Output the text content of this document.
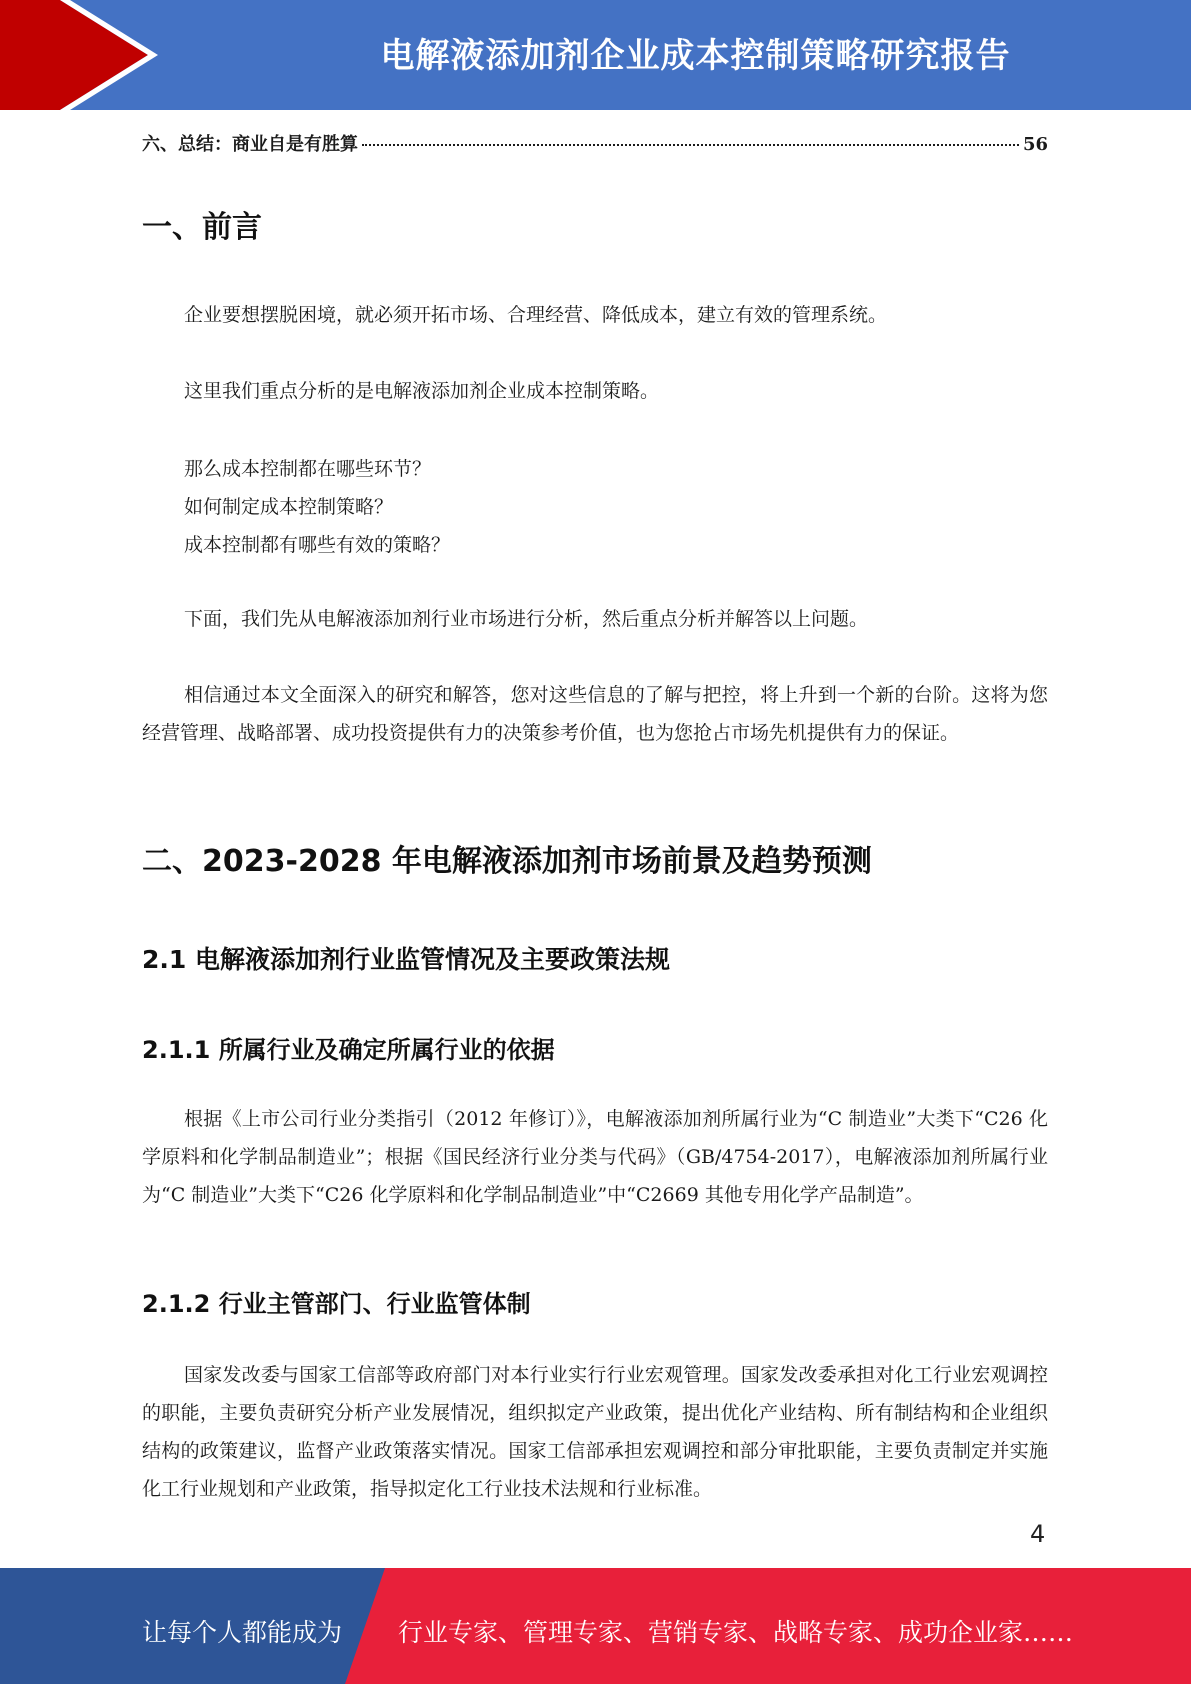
电解液添加剂企业成本控制策略研究报告
六、总结：商业自是有胜算	56
一、前言

企业要想摆脱困境，就必须开拓市场、合理经营、降低成本，建立有效的管理系统。

这里我们重点分析的是电解液添加剂企业成本控制策略。

那么成本控制都在哪些环节？

如何制定成本控制策略？

成本控制都有哪些有效的策略？

下面，我们先从电解液添加剂行业市场进行分析，然后重点分析并解答以上问题。

相信通过本文全面深入的研究和解答，您对这些信息的了解与把控，将上升到一个新的台阶。这将为您经营管理、战略部署、成功投资提供有力的决策参考价值，也为您抢占市场先机提供有力的保证。

二、2023-2028 年电解液添加剂市场前景及趋势预测
2.1 电解液添加剂行业监管情况及主要政策法规
2.1.1 所属行业及确定所属行业的依据

根据《上市公司行业分类指引（2012 年修订）》，电解液添加剂所属行业为“C 制造业”大类下“C26 化学原料和化学制品制造业”；根据《国民经济行业分类与代码》（GB/4754-2017），电解液添加剂所属行业为“C 制造业”大类下“C26 化学原料和化学制品制造业”中“C2669 其他专用化学产品制造”。

2.1.2 行业主管部门、行业监管体制

国家发改委与国家工信部等政府部门对本行业实行行业宏观管理。国家发改委承担对化工行业宏观调控的职能，主要负责研究分析产业发展情况，组织拟定产业政策，提出优化产业结构、所有制结构和企业组织结构的政策建议，监督产业政策落实情况。国家工信部承担宏观调控和部分审批职能，主要负责制定并实施化工行业规划和产业政策，指导拟定化工行业技术法规和行业标准。

4
让每个人都能成为 行业专家、管理专家、营销专家、战略专家、成功企业家……
